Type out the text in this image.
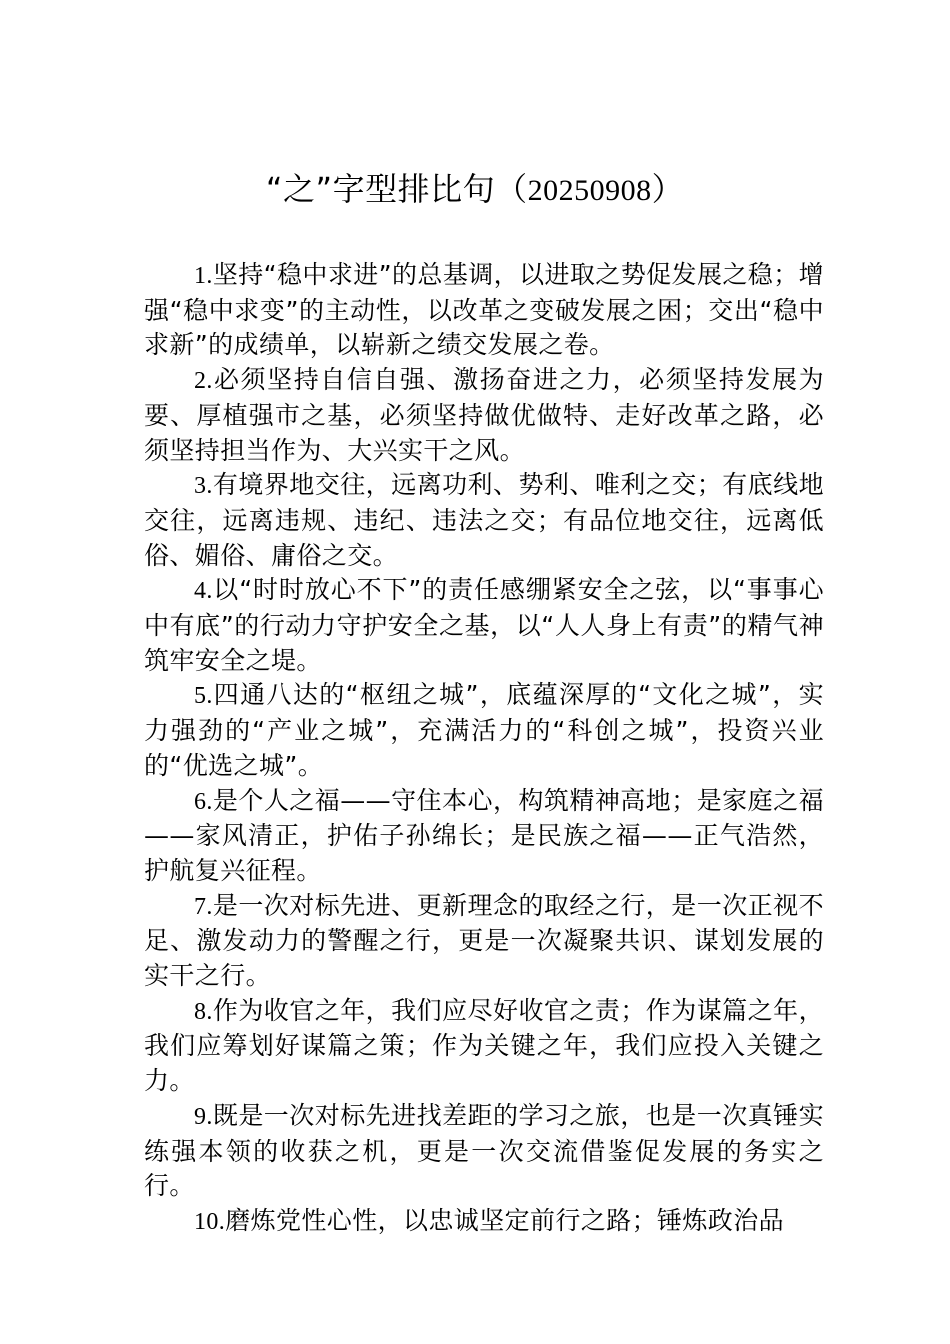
“之”字型排比句（20250908）

1.坚持“稳中求进”的总基调，以进取之势促发展之稳；增强“稳中求变”的主动性，以改革之变破发展之困；交出“稳中求新”的成绩单，以崭新之绩交发展之卷。

2.必须坚持自信自强、激扬奋进之力，必须坚持发展为要、厚植强市之基，必须坚持做优做特、走好改革之路，必须坚持担当作为、大兴实干之风。

3.有境界地交往，远离功利、势利、唯利之交；有底线地交往，远离违规、违纪、违法之交；有品位地交往，远离低俗、媚俗、庸俗之交。

4.以“时时放心不下”的责任感绷紧安全之弦，以“事事心中有底”的行动力守护安全之基，以“人人身上有责”的精气神筑牢安全之堤。

5.四通八达的“枢纽之城”，底蕴深厚的“文化之城”，实力强劲的“产业之城”，充满活力的“科创之城”，投资兴业的“优选之城”。

6.是个人之福——守住本心，构筑精神高地；是家庭之福——家风清正，护佑子孙绵长；是民族之福——正气浩然，护航复兴征程。

7.是一次对标先进、更新理念的取经之行，是一次正视不足、激发动力的警醒之行，更是一次凝聚共识、谋划发展的实干之行。

8.作为收官之年，我们应尽好收官之责；作为谋篇之年，我们应筹划好谋篇之策；作为关键之年，我们应投入关键之力。

9.既是一次对标先进找差距的学习之旅，也是一次真锤实练强本领的收获之机，更是一次交流借鉴促发展的务实之行。

10.磨炼党性心性，以忠诚坚定前行之路；锤炼政治品
